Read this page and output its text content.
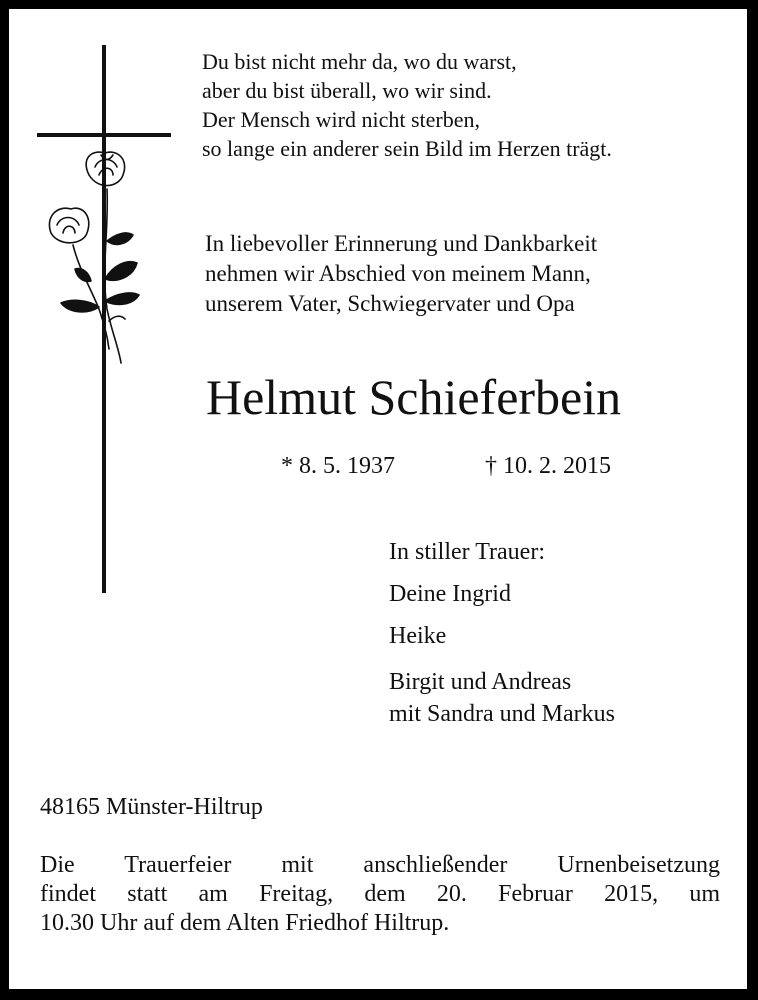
Du bist nicht mehr da, wo du warst,
aber du bist überall, wo wir sind.
Der Mensch wird nicht sterben,
so lange ein anderer sein Bild im Herzen trägt.
In liebevoller Erinnerung und Dankbarkeit
nehmen wir Abschied von meinem Mann,
unserem Vater, Schwiegervater und Opa
Helmut Schieferbein
* 8. 5. 1937	† 10. 2. 2015
In stiller Trauer:
Deine Ingrid
Heike
Birgit und Andreas
mit Sandra und Markus
48165 Münster-Hiltrup
Die Trauerfeier mit anschließender Urnenbeisetzung
findet statt am Freitag, dem 20. Februar 2015, um
10.30 Uhr auf dem Alten Friedhof Hiltrup.
